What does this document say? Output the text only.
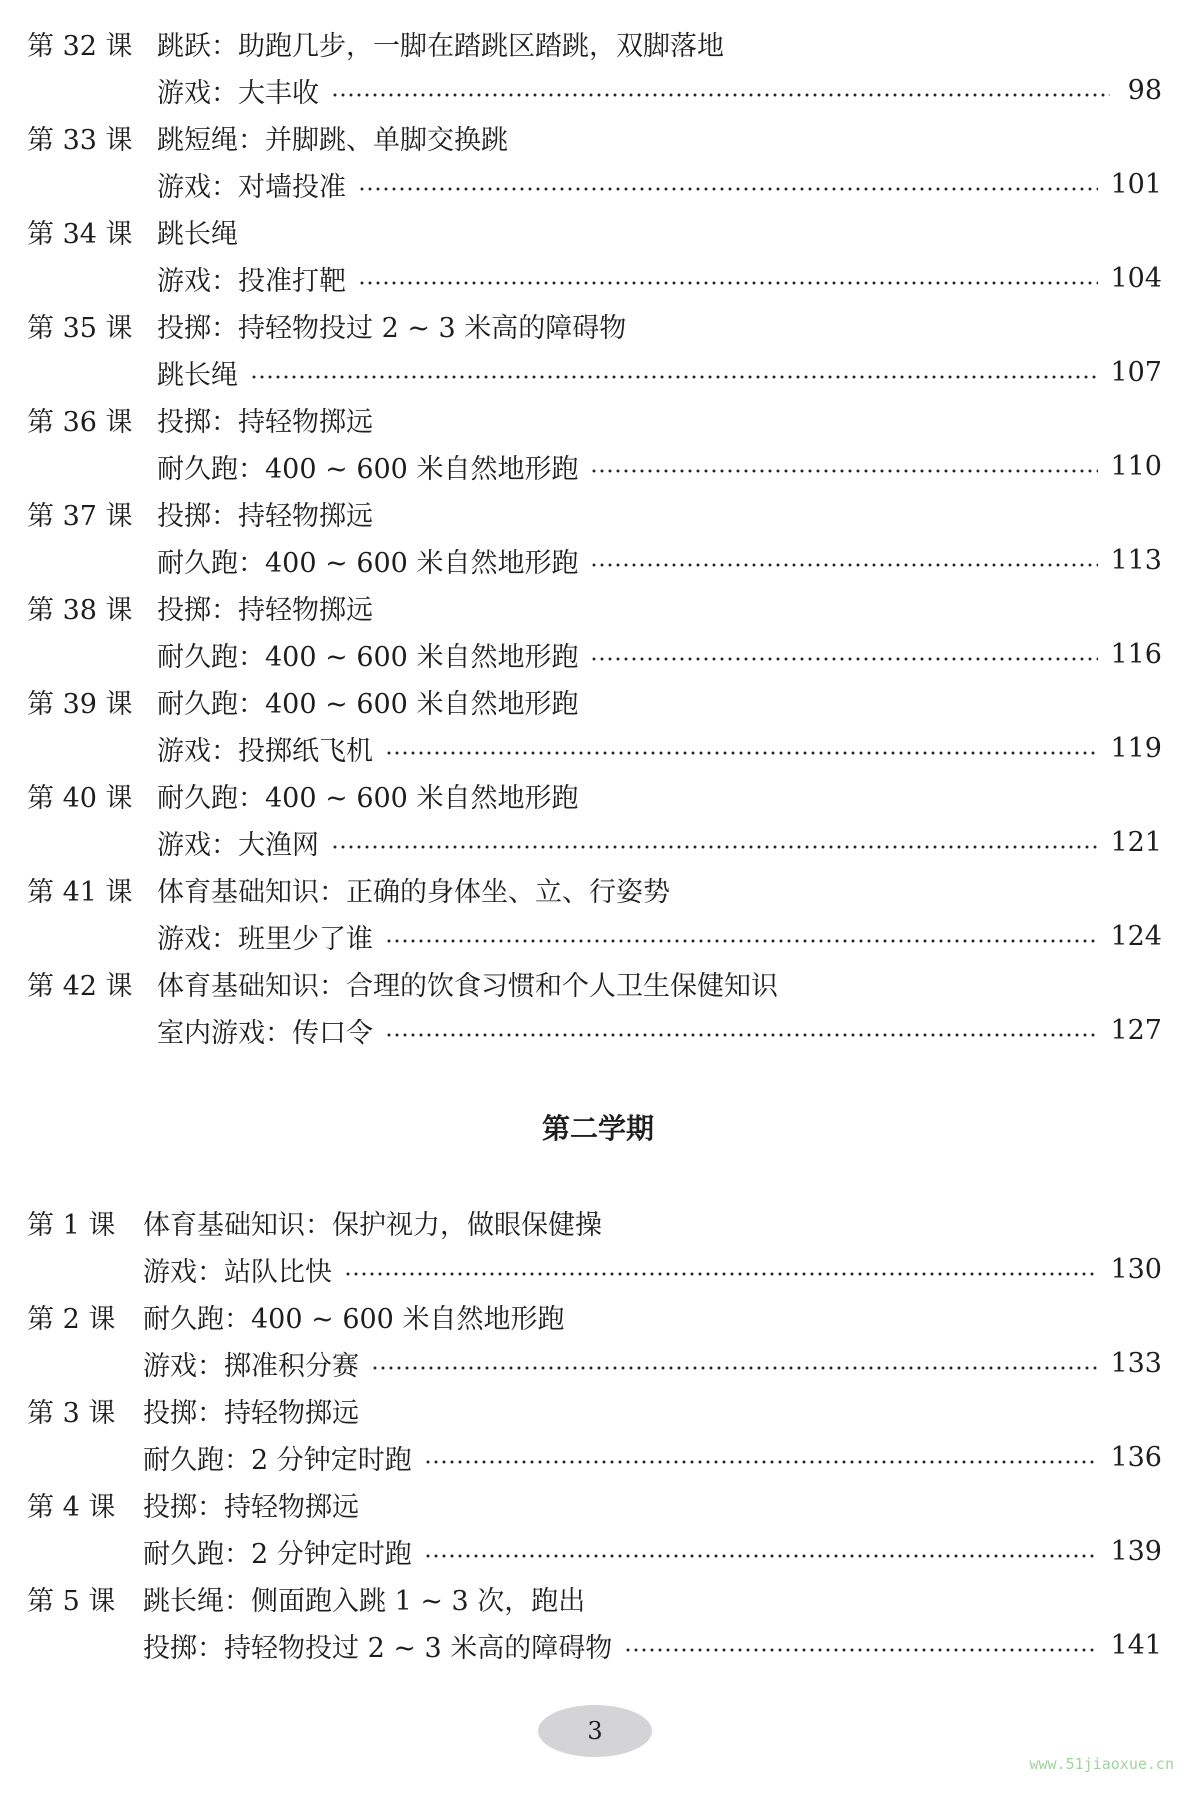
第 32 课 跳跃：助跑几步，一脚在踏跳区踏跳，双脚落地
游戏：大丰收	98
第 33 课 跳短绳：并脚跳、单脚交换跳
游戏：对墙投准	101
第 34 课 跳长绳
游戏：投准打靶	104
第 35 课 投掷：持轻物投过 2 ~ 3 米高的障碍物
跳长绳	107
第 36 课 投掷：持轻物掷远
耐久跑：400 ~ 600 米自然地形跑	110
第 37 课 投掷：持轻物掷远
耐久跑：400 ~ 600 米自然地形跑	113
第 38 课 投掷：持轻物掷远
耐久跑：400 ~ 600 米自然地形跑	116
第 39 课 耐久跑：400 ~ 600 米自然地形跑
游戏：投掷纸飞机	119
第 40 课 耐久跑：400 ~ 600 米自然地形跑
游戏：大渔网	121
第 41 课 体育基础知识：正确的身体坐、立、行姿势
游戏：班里少了谁	124
第 42 课 体育基础知识：合理的饮食习惯和个人卫生保健知识
室内游戏：传口令	127
第二学期
第 1 课	体育基础知识：保护视力，做眼保健操
游戏：站队比快	130
第 2 课	耐久跑：400 ~ 600 米自然地形跑
游戏：掷准积分赛	133
第 3 课	投掷：持轻物掷远
耐久跑：2 分钟定时跑	136
第 4 课	投掷：持轻物掷远
耐久跑：2 分钟定时跑	139
第 5 课	跳长绳：侧面跑入跳 1 ~ 3 次，跑出
投掷：持轻物投过 2 ~ 3 米高的障碍物	141
3
www.51jiaoxue.cn
